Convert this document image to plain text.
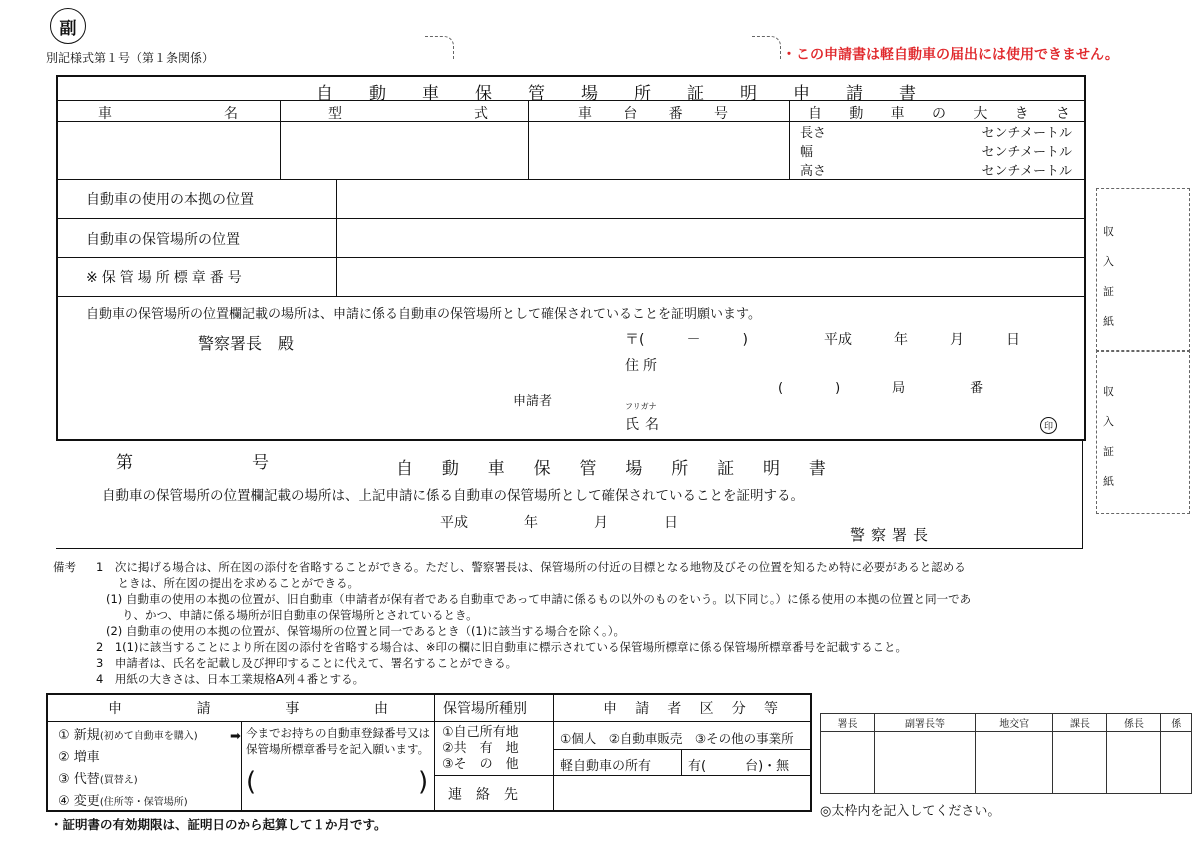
副
別記様式第１号（第１条関係）	・この申請書は軽自動車の届出には使用できません。
自 動 車 保 管 場 所 証 明 申 請 書
車	名	型	式	車 台 番 号	自 動 車 の 大 き さ
長さ	センチメートル
幅	センチメートル
高さ	センチメートル
自動車の使用の本拠の位置
自動車の保管場所の位置
※保管場所標章番号
自動車の保管場所の位置欄記載の場所は、申請に係る自動車の保管場所として確保されていることを証明願います。
警察署長　殿	〒(　　　－　　　)	平成　　　年　　　月　　　日
住所
(　　　　)　　　　局　　　　　番
申請者	フリガナ
氏名	印
第　　　　　　　号	自 動 車 保 管 場 所 証 明 書
自動車の保管場所の位置欄記載の場所は、上記申請に係る自動車の保管場所として確保されていることを証明する。
平成　　　　年　　　　月　　　　日
警察署長
収
入
証
紙
収
入
証
紙
備考 1　次に掲げる場合は、所在図の添付を省略することができる。ただし、警察署長は、保管場所の付近の目標となる地物及びその位置を知るため特に必要があると認める

　ときは、所在図の提出を求めることができる。

(1) 自動車の使用の本拠の位置が、旧自動車（申請者が保有者である自動車であって申請に係るもの以外のものをいう。以下同じ。）に係る使用の本拠の位置と同一であ

り、かつ、申請に係る場所が旧自動車の保管場所とされているとき。

(2) 自動車の使用の本拠の位置が、保管場所の位置と同一であるとき（(1)に該当する場合を除く。）。

2　1(1)に該当することにより所在図の添付を省略する場合は、※印の欄に旧自動車に標示されている保管場所標章に係る保管場所標章番号を記載すること。

3　申請者は、氏名を記載し及び押印することに代えて、署名することができる。

4　用紙の大きさは、日本工業規格A列４番とする。

申	請	事	由	保管場所種別	申 請 者 区 分 等
① 新規(初めて自動車を購入)
② 増車
③ 代替(買替え)
④ 変更(住所等・保管場所)
➡ 今までお持ちの自動車登録番号又は保管場所標章番号を記入願います。
(	)
①自己所有地
②共　有　地
③そ　の　他
連　絡　先
①個人　②自動車販売　③その他の事業所
軽自動車の所有	有(　　　台)・無
署長	副署長等	地交官	課長	係長	係

◎太枠内を記入してください。
・証明書の有効期限は、証明日のから起算して１か月です。
